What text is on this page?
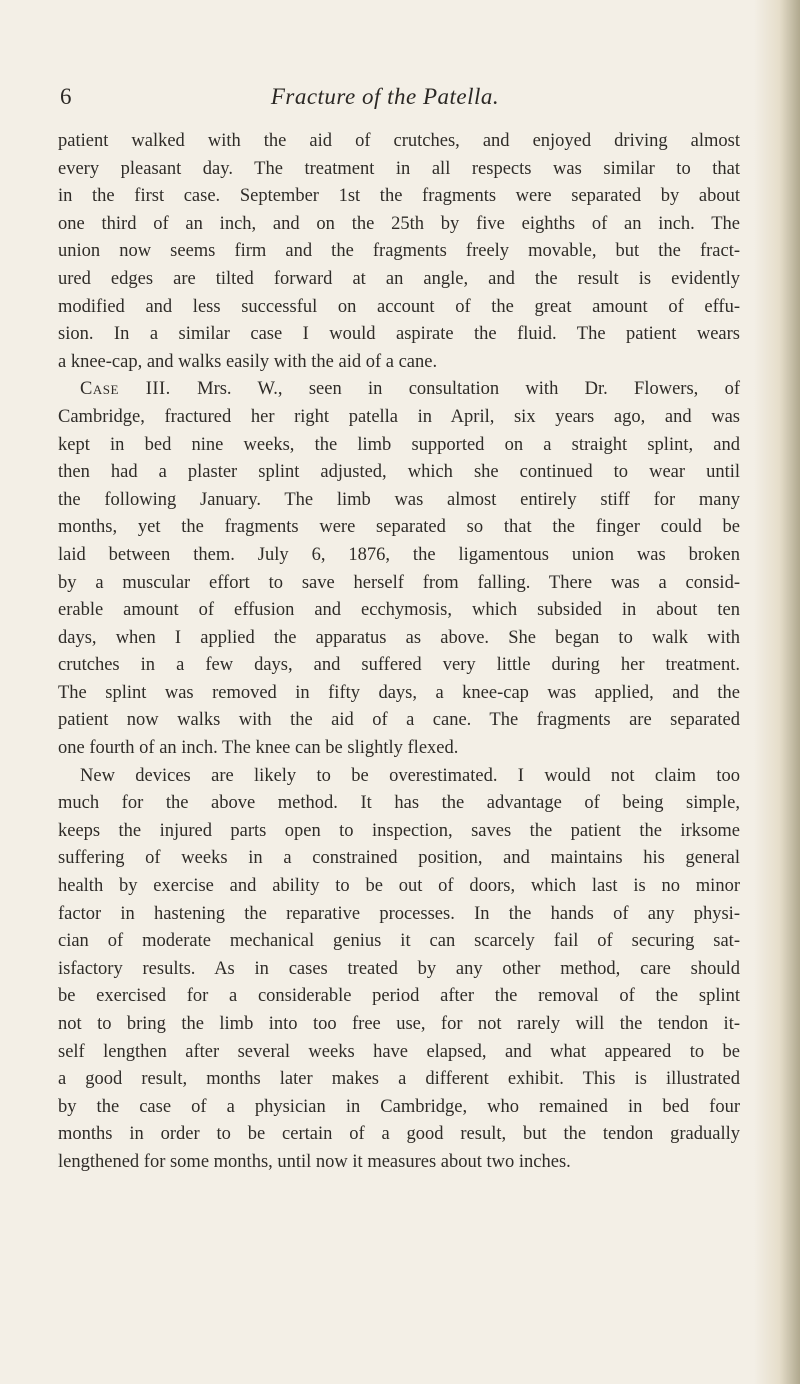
6	Fracture of the Patella.
patient walked with the aid of crutches, and enjoyed driving almost
every pleasant day. The treatment in all respects was similar to that
in the first case. September 1st the fragments were separated by about
one third of an inch, and on the 25th by five eighths of an inch. The
union now seems firm and the fragments freely movable, but the fract-
ured edges are tilted forward at an angle, and the result is evidently
modified and less successful on account of the great amount of effu-
sion. In a similar case I would aspirate the fluid. The patient wears
a knee-cap, and walks easily with the aid of a cane.
Case III. Mrs. W., seen in consultation with Dr. Flowers, of
Cambridge, fractured her right patella in April, six years ago, and was
kept in bed nine weeks, the limb supported on a straight splint, and
then had a plaster splint adjusted, which she continued to wear until
the following January. The limb was almost entirely stiff for many
months, yet the fragments were separated so that the finger could be
laid between them. July 6, 1876, the ligamentous union was broken
by a muscular effort to save herself from falling. There was a consid-
erable amount of effusion and ecchymosis, which subsided in about ten
days, when I applied the apparatus as above. She began to walk with
crutches in a few days, and suffered very little during her treatment.
The splint was removed in fifty days, a knee-cap was applied, and the
patient now walks with the aid of a cane. The fragments are separated
one fourth of an inch. The knee can be slightly flexed.
New devices are likely to be overestimated. I would not claim too
much for the above method. It has the advantage of being simple,
keeps the injured parts open to inspection, saves the patient the irksome
suffering of weeks in a constrained position, and maintains his general
health by exercise and ability to be out of doors, which last is no minor
factor in hastening the reparative processes. In the hands of any physi-
cian of moderate mechanical genius it can scarcely fail of securing sat-
isfactory results. As in cases treated by any other method, care should
be exercised for a considerable period after the removal of the splint
not to bring the limb into too free use, for not rarely will the tendon it-
self lengthen after several weeks have elapsed, and what appeared to be
a good result, months later makes a different exhibit. This is illustrated
by the case of a physician in Cambridge, who remained in bed four
months in order to be certain of a good result, but the tendon gradually
lengthened for some months, until now it measures about two inches.
